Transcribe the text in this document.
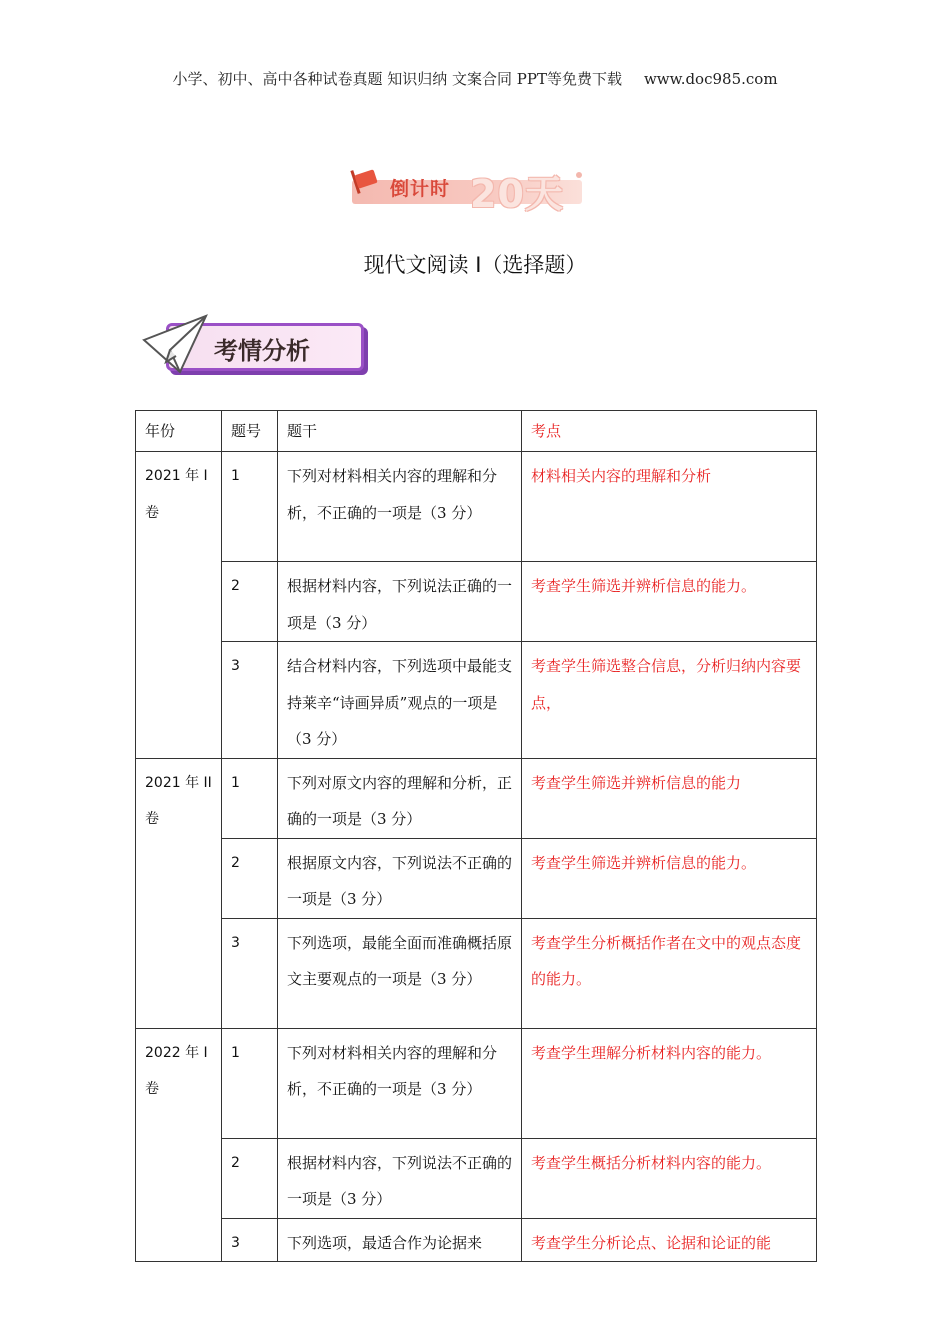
小学、初中、高中各种试卷真题 知识归纳 文案合同 PPT等免费下载 www.doc985.com
倒计时 20天
现代文阅读 I（选择题）
考情分析
年份	题号	题干	考点
2021 年 I 卷	1	下列对材料相关内容的理解和分析，不正确的一项是（3 分）	材料相关内容的理解和分析
	2	根据材料内容，下列说法正确的一项是（3 分）	考查学生筛选并辨析信息的能力。
	3	结合材料内容，下列选项中最能支持莱辛“诗画异质”观点的一项是（3 分）	考查学生筛选整合信息，分析归纳内容要点，
2021 年 II 卷	1	下列对原文内容的理解和分析，正确的一项是（3 分）	考查学生筛选并辨析信息的能力
	2	根据原文内容，下列说法不正确的一项是（3 分）	考查学生筛选并辨析信息的能力。
	3	下列选项，最能全面而准确概括原文主要观点的一项是（3 分）	考查学生分析概括作者在文中的观点态度的能力。
2022 年 I 卷	1	下列对材料相关内容的理解和分析，不正确的一项是（3 分）	考查学生理解分析材料内容的能力。
	2	根据材料内容，下列说法不正确的一项是（3 分）	考查学生概括分析材料内容的能力。
	3	下列选项，最适合作为论据来	考查学生分析论点、论据和论证的能
